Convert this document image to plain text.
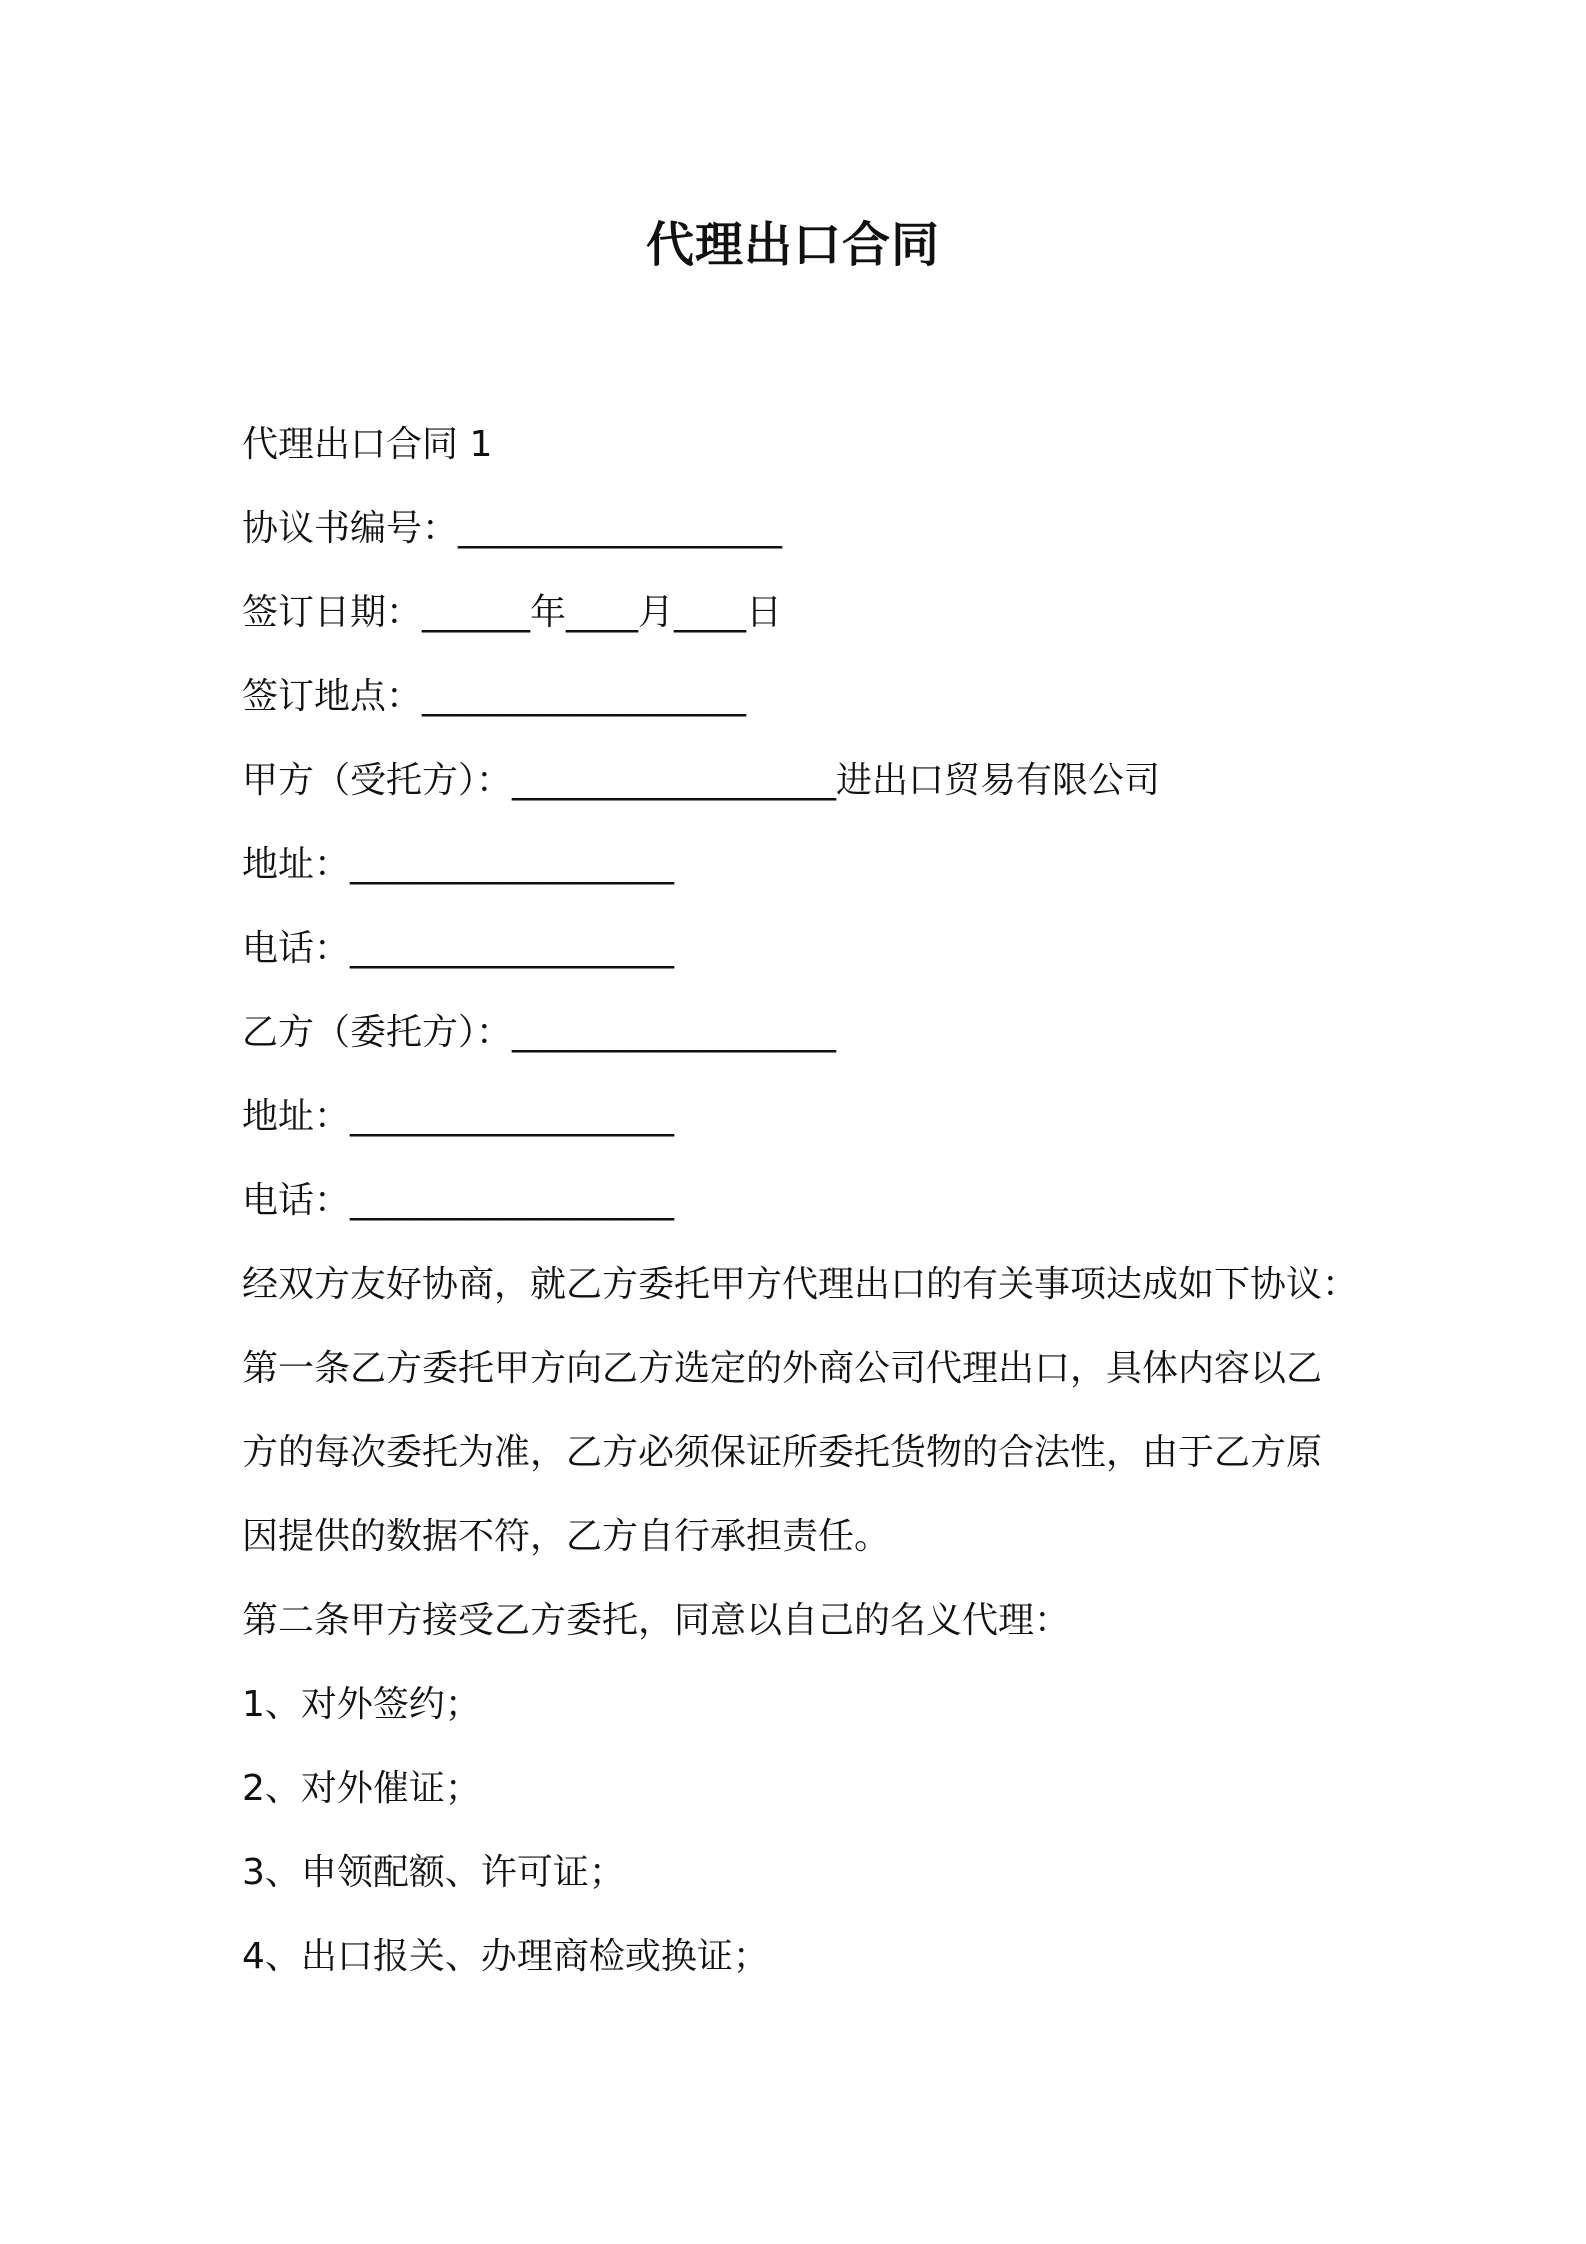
代理出口合同
代理出口合同 1
协议书编号：__________________
签订日期：______年____月____日
签订地点：__________________
甲方（受托方）：__________________进出口贸易有限公司
地址：__________________
电话：__________________
乙方（委托方）：__________________
地址：__________________
电话：__________________
经双方友好协商，就乙方委托甲方代理出口的有关事项达成如下协议：
第一条乙方委托甲方向乙方选定的外商公司代理出口，具体内容以乙
方的每次委托为准，乙方必须保证所委托货物的合法性，由于乙方原
因提供的数据不符，乙方自行承担责任。
第二条甲方接受乙方委托，同意以自己的名义代理：
1、对外签约；
2、对外催证；
3、申领配额、许可证；
4、出口报关、办理商检或换证；
